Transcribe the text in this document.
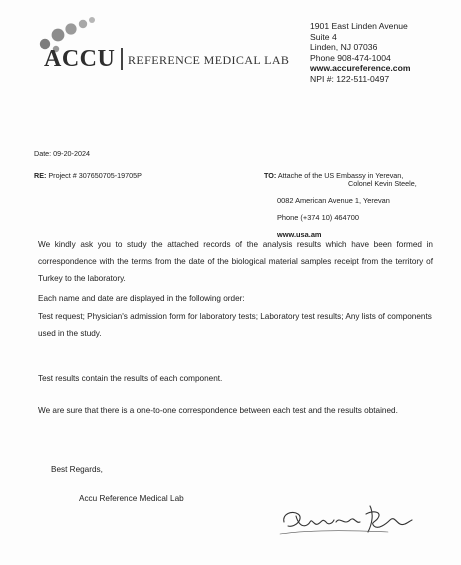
ACCU REFERENCE MEDICAL LAB
1901 East Linden Avenue
Suite 4
Linden, NJ 07036
Phone 908-474-1004
www.accureference.com
NPI #: 122-511-0497
Date: 09-20-2024
RE: Project # 307650705-19705P	TO: Attache of the US Embassy in Yerevan,
Colonel Kevin Steele,
0082 American Avenue 1, Yerevan
Phone (+374 10) 464700
www.usa.am
We kindly ask you to study the attached records of the analysis results which have been formed in correspondence with the terms from the date of the biological material samples receipt from the territory of Turkey to the laboratory.
Each name and date are displayed in the following order:
Test request; Physician's admission form for laboratory tests; Laboratory test results; Any lists of components used in the study.
Test results contain the results of each component.
We are sure that there is a one-to-one correspondence between each test and the results obtained.
Best Regards,
Accu Reference Medical Lab
